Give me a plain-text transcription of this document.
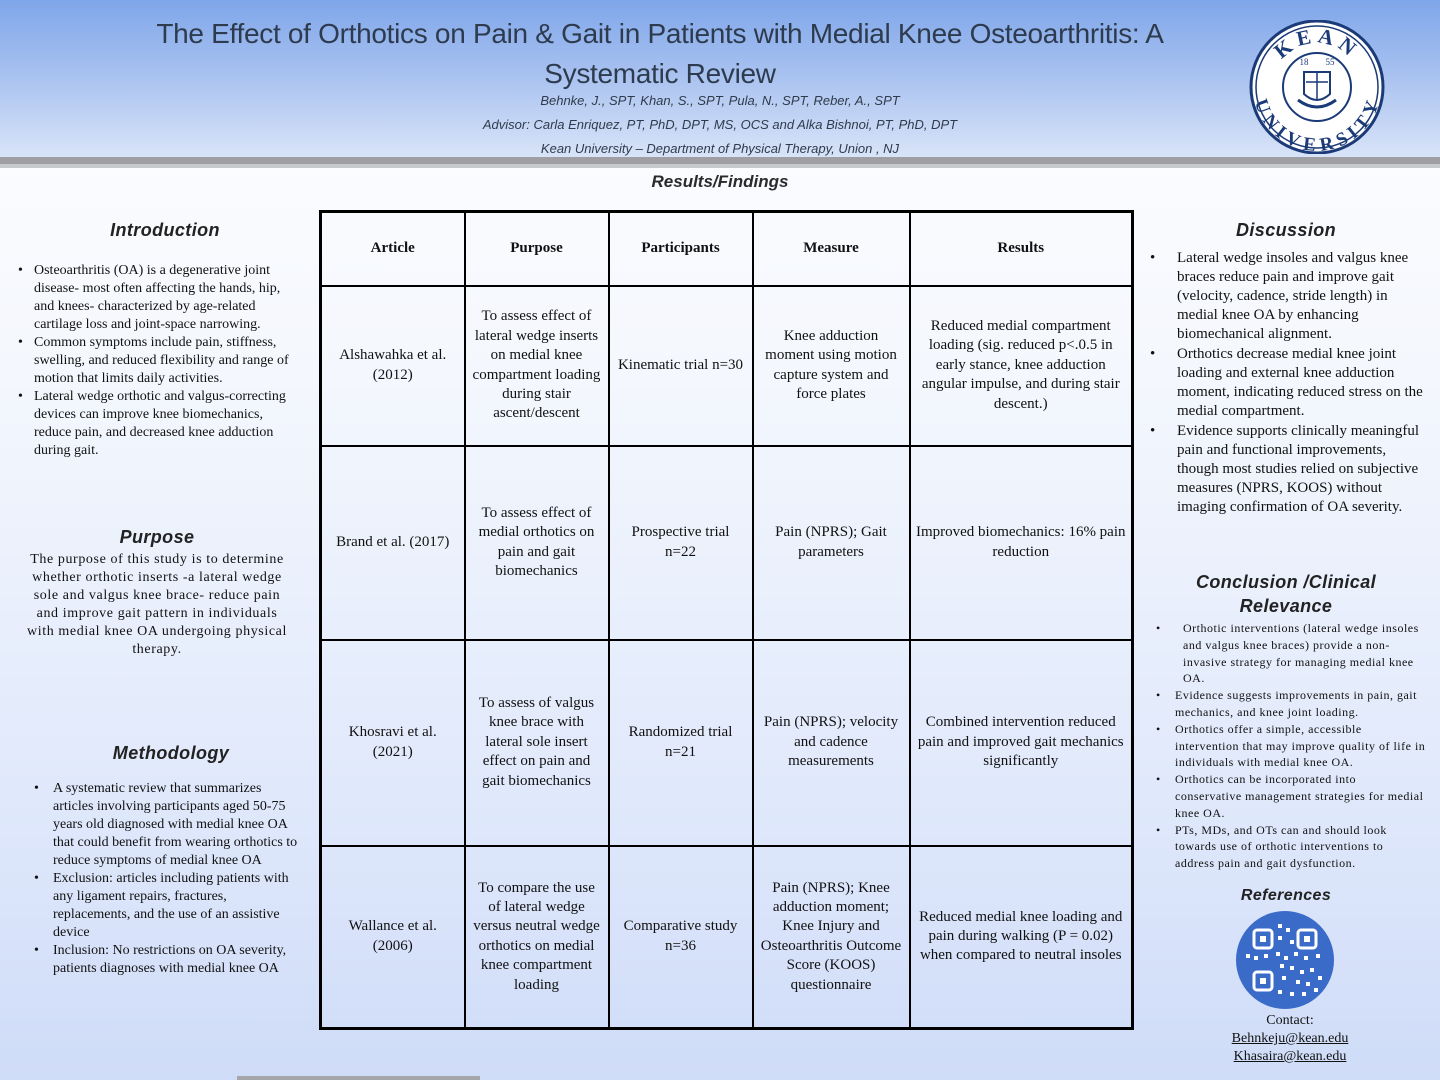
The Effect of Orthotics on Pain & Gait in Patients with Medial Knee Osteoarthritis: A Systematic Review
Behnke, J., SPT, Khan, S., SPT, Pula, N., SPT, Reber, A., SPT
Advisor: Carla Enriquez, PT, PhD, DPT, MS, OCS and Alka Bishnoi, PT, PhD, DPT
Kean University – Department of Physical Therapy, Union , NJ
KEAN
UNIVERSITY
18 55
Results/Findings
Introduction
• Osteoarthritis (OA) is a degenerative joint disease- most often affecting the hands, hip, and knees- characterized by age-related cartilage loss and joint-space narrowing.
• Common symptoms include pain, stiffness, swelling, and reduced flexibility and range of motion that limits daily activities.
• Lateral wedge orthotic and valgus-correcting devices can improve knee biomechanics, reduce pain, and decreased knee adduction during gait.
Purpose
The purpose of this study is to determine whether orthotic inserts -a lateral wedge sole and valgus knee brace- reduce pain and improve gait pattern in individuals with medial knee OA undergoing physical therapy.
Methodology
• A systematic review that summarizes articles involving participants aged 50-75 years old diagnosed with medial knee OA that could benefit from wearing orthotics to reduce symptoms of medial knee OA
• Exclusion: articles including patients with any ligament repairs, fractures, replacements, and the use of an assistive device
• Inclusion: No restrictions on OA severity, patients diagnoses with medial knee OA
Article	Purpose	Participants	Measure	Results
Alshawahka et al. (2012)	To assess effect of lateral wedge inserts on medial knee compartment loading during stair ascent/descent	Kinematic trial n=30	Knee adduction moment using motion capture system and force plates	Reduced medial compartment loading (sig. reduced p<.0.5 in early stance, knee adduction angular impulse, and during stair descent.)
Brand et al. (2017)	To assess effect of medial orthotics on pain and gait biomechanics	Prospective trial n=22	Pain (NPRS); Gait parameters	Improved biomechanics: 16% pain reduction
Khosravi et al. (2021)	To assess of valgus knee brace with lateral sole insert effect on pain and gait biomechanics	Randomized trial n=21	Pain (NPRS); velocity and cadence measurements	Combined intervention reduced pain and improved gait mechanics significantly
Wallance et al. (2006)	To compare the use of lateral wedge versus neutral wedge orthotics on medial knee compartment loading	Comparative study n=36	Pain (NPRS); Knee adduction moment; Knee Injury and Osteoarthritis Outcome Score (KOOS) questionnaire	Reduced medial knee loading and pain during walking (P = 0.02) when compared to neutral insoles
Discussion
• Lateral wedge insoles and valgus knee braces reduce pain and improve gait (velocity, cadence, stride length) in medial knee OA by enhancing biomechanical alignment.
• Orthotics decrease medial knee joint loading and external knee adduction moment, indicating reduced stress on the medial compartment.
• Evidence supports clinically meaningful pain and functional improvements, though most studies relied on subjective measures (NPRS, KOOS) without imaging confirmation of OA severity.
Conclusion /Clinical
Relevance
• Orthotic interventions (lateral wedge insoles and valgus knee braces) provide a non-invasive strategy for managing medial knee OA.
• Evidence suggests improvements in pain, gait mechanics, and knee joint loading.
• Orthotics offer a simple, accessible intervention that may improve quality of life in individuals with medial knee OA.
• Orthotics can be incorporated into conservative management strategies for medial knee OA.
• PTs, MDs, and OTs can and should look towards use of orthotic interventions to address pain and gait dysfunction.
References
Contact:
Behnkeju@kean.edu
Khasaira@kean.edu
